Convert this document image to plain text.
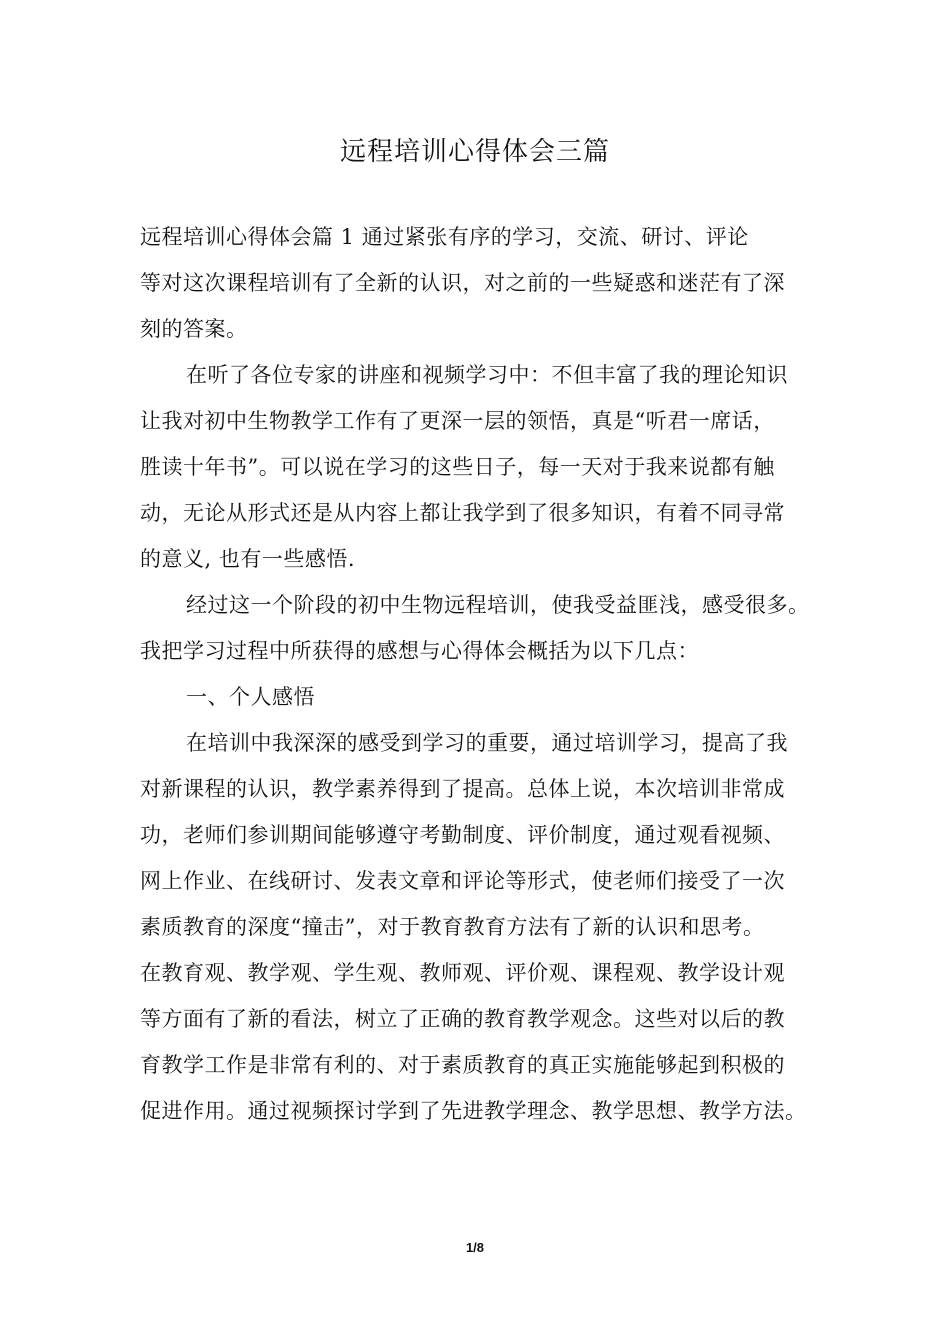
远程培训心得体会三篇
远程培训心得体会篇 1 通过紧张有序的学习，交流、研讨、评论
等对这次课程培训有了全新的认识，对之前的一些疑惑和迷茫有了深
刻的答案。
在听了各位专家的讲座和视频学习中：不但丰富了我的理论知识
让我对初中生物教学工作有了更深一层的领悟，真是“听君一席话，
胜读十年书”。可以说在学习的这些日子，每一天对于我来说都有触
动，无论从形式还是从内容上都让我学到了很多知识，有着不同寻常
的意义, 也有一些感悟.
经过这一个阶段的初中生物远程培训，使我受益匪浅，感受很多。
我把学习过程中所获得的感想与心得体会概括为以下几点：
一、个人感悟
在培训中我深深的感受到学习的重要，通过培训学习，提高了我
对新课程的认识，教学素养得到了提高。总体上说，本次培训非常成
功，老师们参训期间能够遵守考勤制度、评价制度，通过观看视频、
网上作业、在线研讨、发表文章和评论等形式，使老师们接受了一次
素质教育的深度“撞击”，对于教育教育方法有了新的认识和思考。
在教育观、教学观、学生观、教师观、评价观、课程观、教学设计观
等方面有了新的看法，树立了正确的教育教学观念。这些对以后的教
育教学工作是非常有利的、对于素质教育的真正实施能够起到积极的
促进作用。通过视频探讨学到了先进教学理念、教学思想、教学方法。
1/8
